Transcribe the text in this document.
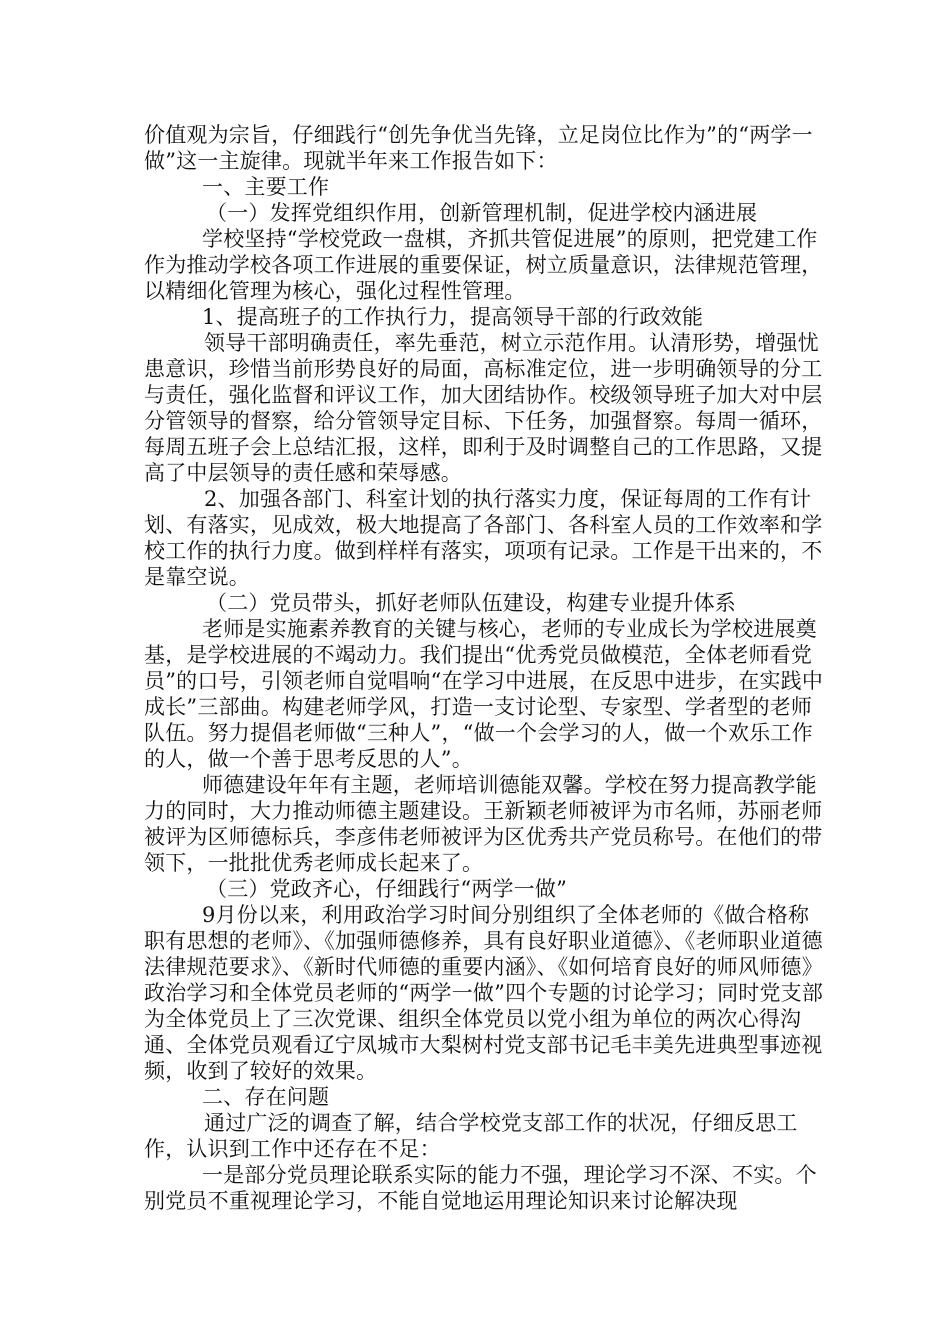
价值观为宗旨，仔细践行“创先争优当先锋，立足岗位比作为”的“两学一做”这一主旋律。现就半年来工作报告如下：

一、主要工作

（一）发挥党组织作用，创新管理机制，促进学校内涵进展

学校坚持“学校党政一盘棋，齐抓共管促进展”的原则，把党建工作作为推动学校各项工作进展的重要保证，树立质量意识，法律规范管理，以精细化管理为核心，强化过程性管理。

1、提高班子的工作执行力，提高领导干部的行政效能

领导干部明确责任，率先垂范，树立示范作用。认清形势，增强忧患意识，珍惜当前形势良好的局面，高标准定位，进一步明确领导的分工与责任，强化监督和评议工作，加大团结协作。校级领导班子加大对中层分管领导的督察，给分管领导定目标、下任务，加强督察。每周一循环，每周五班子会上总结汇报，这样，即利于及时调整自己的工作思路，又提高了中层领导的责任感和荣辱感。

2、加强各部门、科室计划的执行落实力度，保证每周的工作有计划、有落实，见成效，极大地提高了各部门、各科室人员的工作效率和学校工作的执行力度。做到样样有落实，项项有记录。工作是干出来的，不是靠空说。

（二）党员带头，抓好老师队伍建设，构建专业提升体系

老师是实施素养教育的关键与核心，老师的专业成长为学校进展奠基，是学校进展的不竭动力。我们提出“优秀党员做模范，全体老师看党员”的口号，引领老师自觉唱响“在学习中进展，在反思中进步，在实践中成长”三部曲。构建老师学风，打造一支讨论型、专家型、学者型的老师队伍。努力提倡老师做“三种人”，“做一个会学习的人，做一个欢乐工作的人，做一个善于思考反思的人”。

师德建设年年有主题，老师培训德能双馨。学校在努力提高教学能力的同时，大力推动师德主题建设。王新颖老师被评为市名师，苏丽老师被评为区师德标兵，李彦伟老师被评为区优秀共产党员称号。在他们的带领下，一批批优秀老师成长起来了。

（三）党政齐心，仔细践行“两学一做”

9月份以来，利用政治学习时间分别组织了全体老师的《做合格称职有思想的老师》、《加强师德修养，具有良好职业道德》、《老师职业道德法律规范要求》、《新时代师德的重要内涵》、《如何培育良好的师风师德》政治学习和全体党员老师的“两学一做”四个专题的讨论学习；同时党支部为全体党员上了三次党课、组织全体党员以党小组为单位的两次心得沟通、全体党员观看辽宁凤城市大梨树村党支部书记毛丰美先进典型事迹视频，收到了较好的效果。

二、存在问题

通过广泛的调查了解，结合学校党支部工作的状况，仔细反思工作，认识到工作中还存在不足：

一是部分党员理论联系实际的能力不强，理论学习不深、不实。个别党员不重视理论学习，不能自觉地运用理论知识来讨论解决现
